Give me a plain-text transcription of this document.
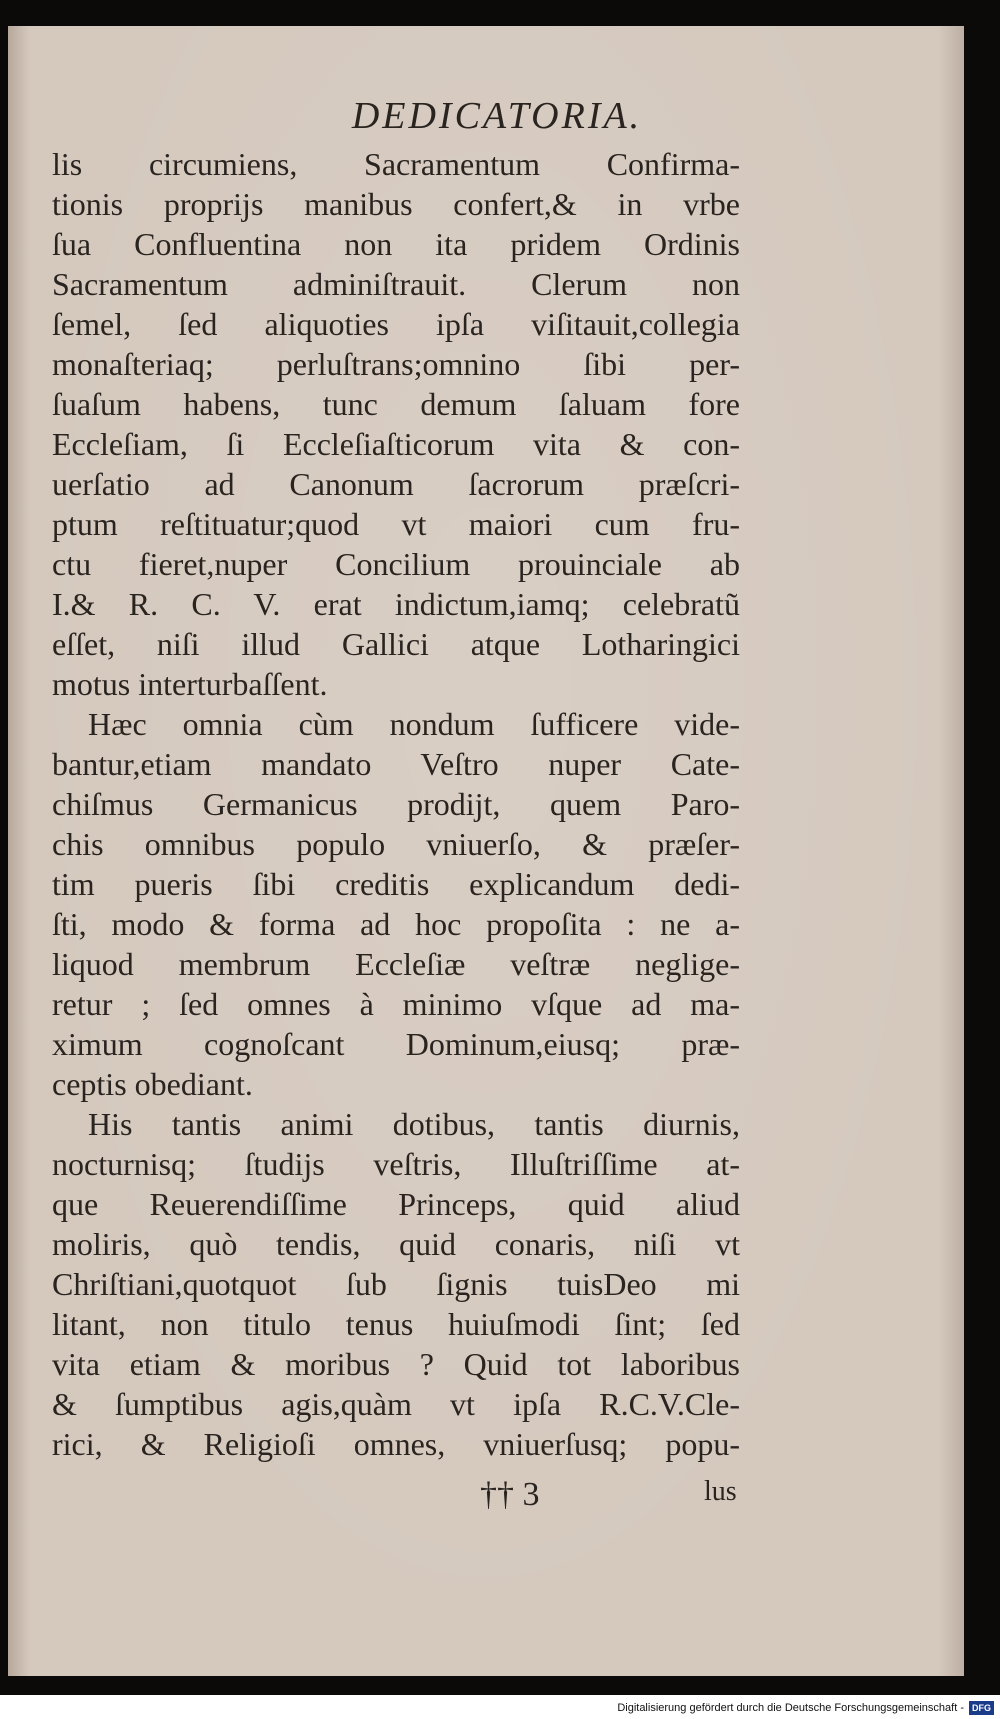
DEDICATORIA.
lis circumiens, Sacramentum Confirma-
tionis proprijs manibus confert,& in vrbe
ſua Confluentina non ita pridem Ordinis
Sacramentum adminiſtrauit. Clerum non
ſemel, ſed aliquoties ipſa viſitauit,collegia
monaſteriaq; perluſtrans;omnino ſibi per-
ſuaſum habens, tunc demum ſaluam fore
Eccleſiam, ſi Eccleſiaſticorum vita & con-
uerſatio ad Canonum ſacrorum præſcri-
ptum reſtituatur;quod vt maiori cum fru-
ctu fieret,nuper Concilium prouinciale ab
I.& R. C. V. erat indictum,iamq; celebratũ
eſſet, niſi illud Gallici atque Lotharingici
motus interturbaſſent.
Hæc omnia cùm nondum ſufficere vide-
bantur,etiam mandato Veſtro nuper Cate-
chiſmus Germanicus prodijt, quem Paro-
chis omnibus populo vniuerſo, & præſer-
tim pueris ſibi creditis explicandum dedi-
ſti, modo & forma ad hoc propoſita : ne a-
liquod membrum Eccleſiæ veſtræ neglige-
retur ; ſed omnes à minimo vſque ad ma-
ximum cognoſcant Dominum,eiusq; præ-
ceptis obediant.
His tantis animi dotibus, tantis diurnis,
nocturnisq; ſtudijs veſtris, Illuſtriſſime at-
que Reuerendiſſime Princeps, quid aliud
moliris, quò tendis, quid conaris, niſi vt
Chriſtiani,quotquot ſub ſignis tuisDeo mi
litant, non titulo tenus huiuſmodi ſint; ſed
vita etiam & moribus ? Quid tot laboribus
& ſumptibus agis,quàm vt ipſa R.C.V.Cle-
rici, & Religioſi omnes, vniuerſusq; popu-
†† 3	lus
Digitalisierung gefördert durch die Deutsche Forschungsgemeinschaft - DFG
